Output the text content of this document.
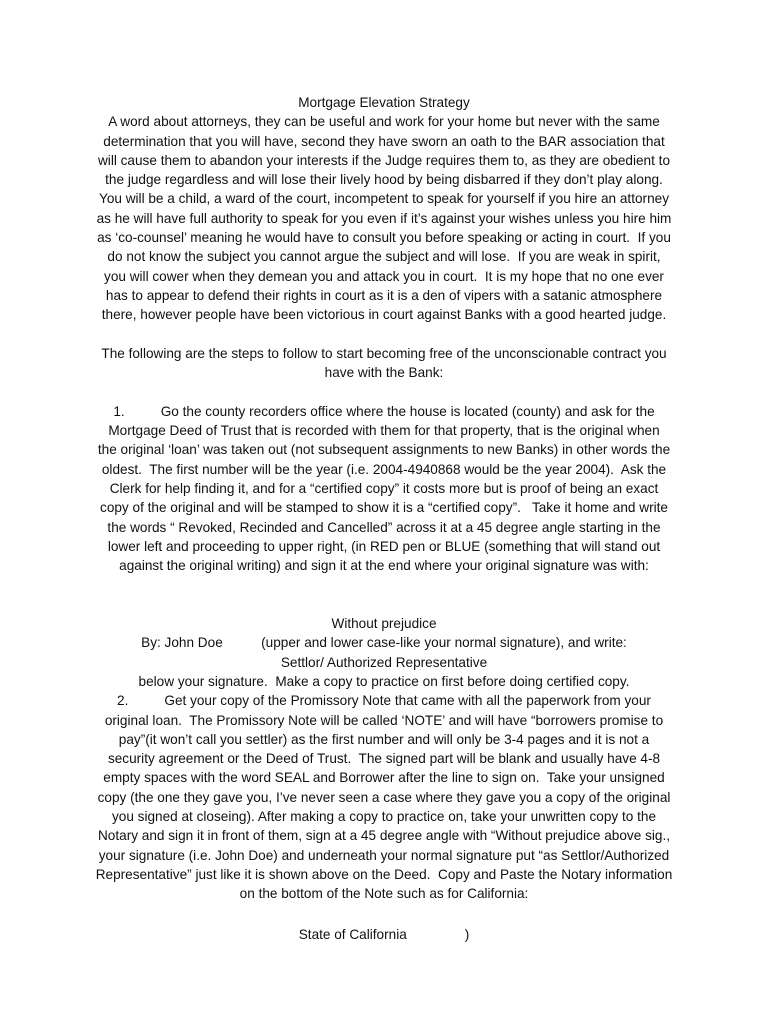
Mortgage Elevation Strategy
A word about attorneys, they can be useful and work for your home but never with the same
determination that you will have, second they have sworn an oath to the BAR association that
will cause them to abandon your interests if the Judge requires them to, as they are obedient to
the judge regardless and will lose their lively hood by being disbarred if they don’t play along.
You will be a child, a ward of the court, incompetent to speak for yourself if you hire an attorney
as he will have full authority to speak for you even if it’s against your wishes unless you hire him
as ‘co-counsel’ meaning he would have to consult you before speaking or acting in court.  If you
do not know the subject you cannot argue the subject and will lose.  If you are weak in spirit,
you will cower when they demean you and attack you in court.  It is my hope that no one ever
has to appear to defend their rights in court as it is a den of vipers with a satanic atmosphere
there, however people have been victorious in court against Banks with a good hearted judge.
The following are the steps to follow to start becoming free of the unconscionable contract you
have with the Bank:
1.	Go the county recorders office where the house is located (county) and ask for the
Mortgage Deed of Trust that is recorded with them for that property, that is the original when
the original ‘loan’ was taken out (not subsequent assignments to new Banks) in other words the
oldest.  The first number will be the year (i.e. 2004-4940868 would be the year 2004).  Ask the
Clerk for help finding it, and for a “certified copy” it costs more but is proof of being an exact
copy of the original and will be stamped to show it is a “certified copy”.   Take it home and write
the words “ Revoked, Recinded and Cancelled” across it at a 45 degree angle starting in the
lower left and proceeding to upper right, (in RED pen or BLUE (something that will stand out
against the original writing) and sign it at the end where your original signature was with:
Without prejudice
By: John Doe	(upper and lower case-like your normal signature), and write:
Settlor/ Authorized Representative
below your signature.  Make a copy to practice on first before doing certified copy.
2.	Get your copy of the Promissory Note that came with all the paperwork from your
original loan.  The Promissory Note will be called ‘NOTE’ and will have “borrowers promise to
pay”(it won’t call you settler) as the first number and will only be 3-4 pages and it is not a
security agreement or the Deed of Trust.  The signed part will be blank and usually have 4-8
empty spaces with the word SEAL and Borrower after the line to sign on.  Take your unsigned
copy (the one they gave you, I’ve never seen a case where they gave you a copy of the original
you signed at closeing). After making a copy to practice on, take your unwritten copy to the
Notary and sign it in front of them, sign at a 45 degree angle with “Without prejudice above sig.,
your signature (i.e. John Doe) and underneath your normal signature put “as Settlor/Authorized
Representative” just like it is shown above on the Deed.  Copy and Paste the Notary information
on the bottom of the Note such as for California:
State of California	)
